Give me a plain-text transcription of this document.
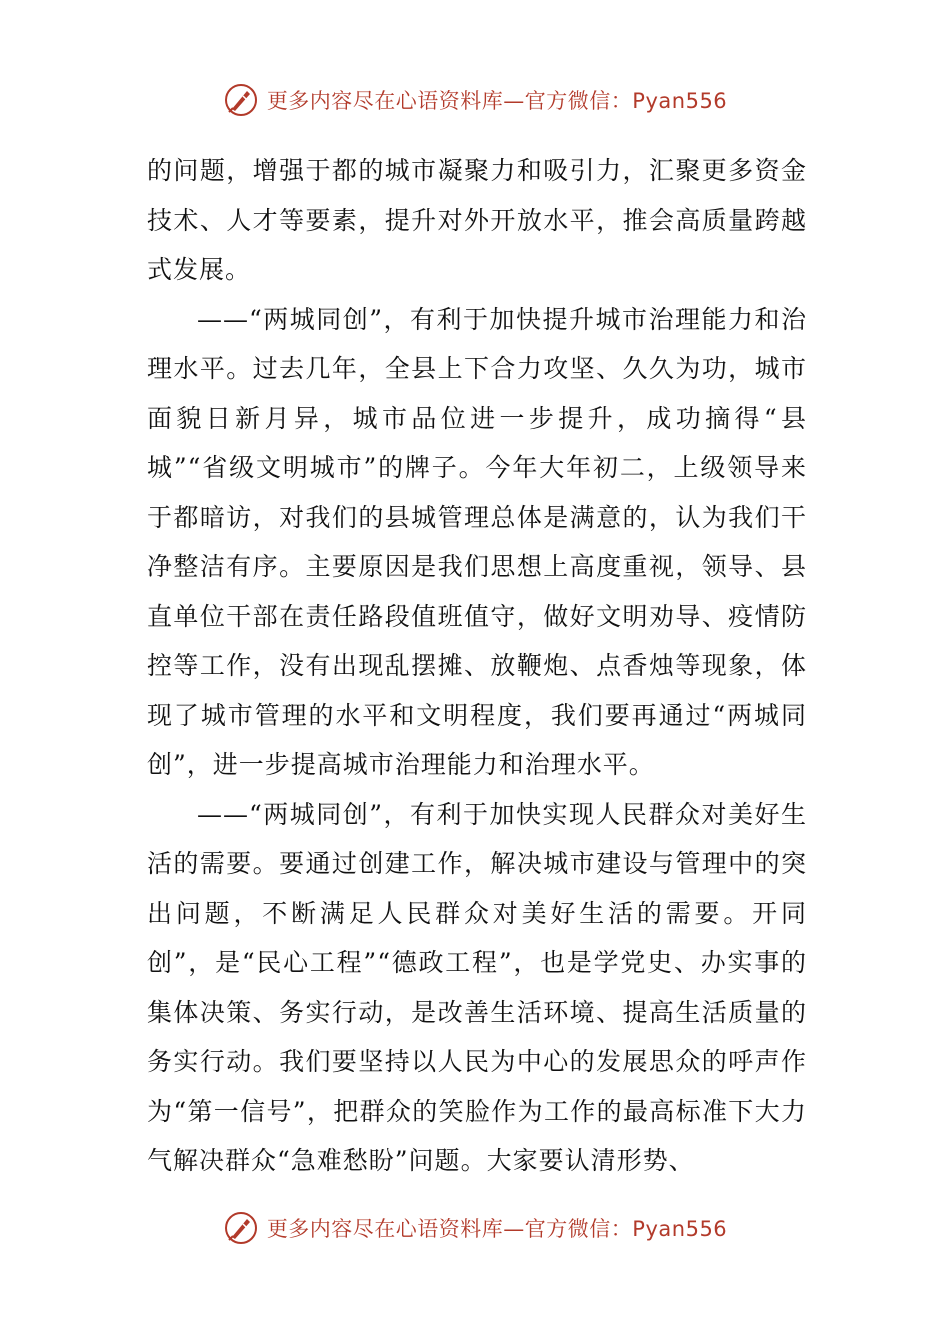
更多内容尽在心语资料库—官方微信：Pyan556

的问题，增强于都的城市凝聚力和吸引力，汇聚更多资金技术、人才等要素，提升对外开放水平，推会高质量跨越式发展。

——“两城同创”，有利于加快提升城市治理能力和治理水平。过去几年，全县上下合力攻坚、久久为功，城市面貌日新月异，城市品位进一步提升，成功摘得“县城”“省级文明城市”的牌子。今年大年初二，上级领导来于都暗访，对我们的县城管理总体是满意的，认为我们干净整洁有序。主要原因是我们思想上高度重视，领导、县直单位干部在责任路段值班值守，做好文明劝导、疫情防控等工作，没有出现乱摆摊、放鞭炮、点香烛等现象，体现了城市管理的水平和文明程度，我们要再通过“两城同创”，进一步提高城市治理能力和治理水平。

——“两城同创”，有利于加快实现人民群众对美好生活的需要。要通过创建工作，解决城市建设与管理中的突出问题，不断满足人民群众对美好生活的需要。开同创”，是“民心工程”“德政工程”，也是学党史、办实事的集体决策、务实行动，是改善生活环境、提高生活质量的务实行动。我们要坚持以人民为中心的发展思众的呼声作为“第一信号”，把群众的笑脸作为工作的最高标准下大力气解决群众“急难愁盼”问题。大家要认清形势、

更多内容尽在心语资料库—官方微信：Pyan556
